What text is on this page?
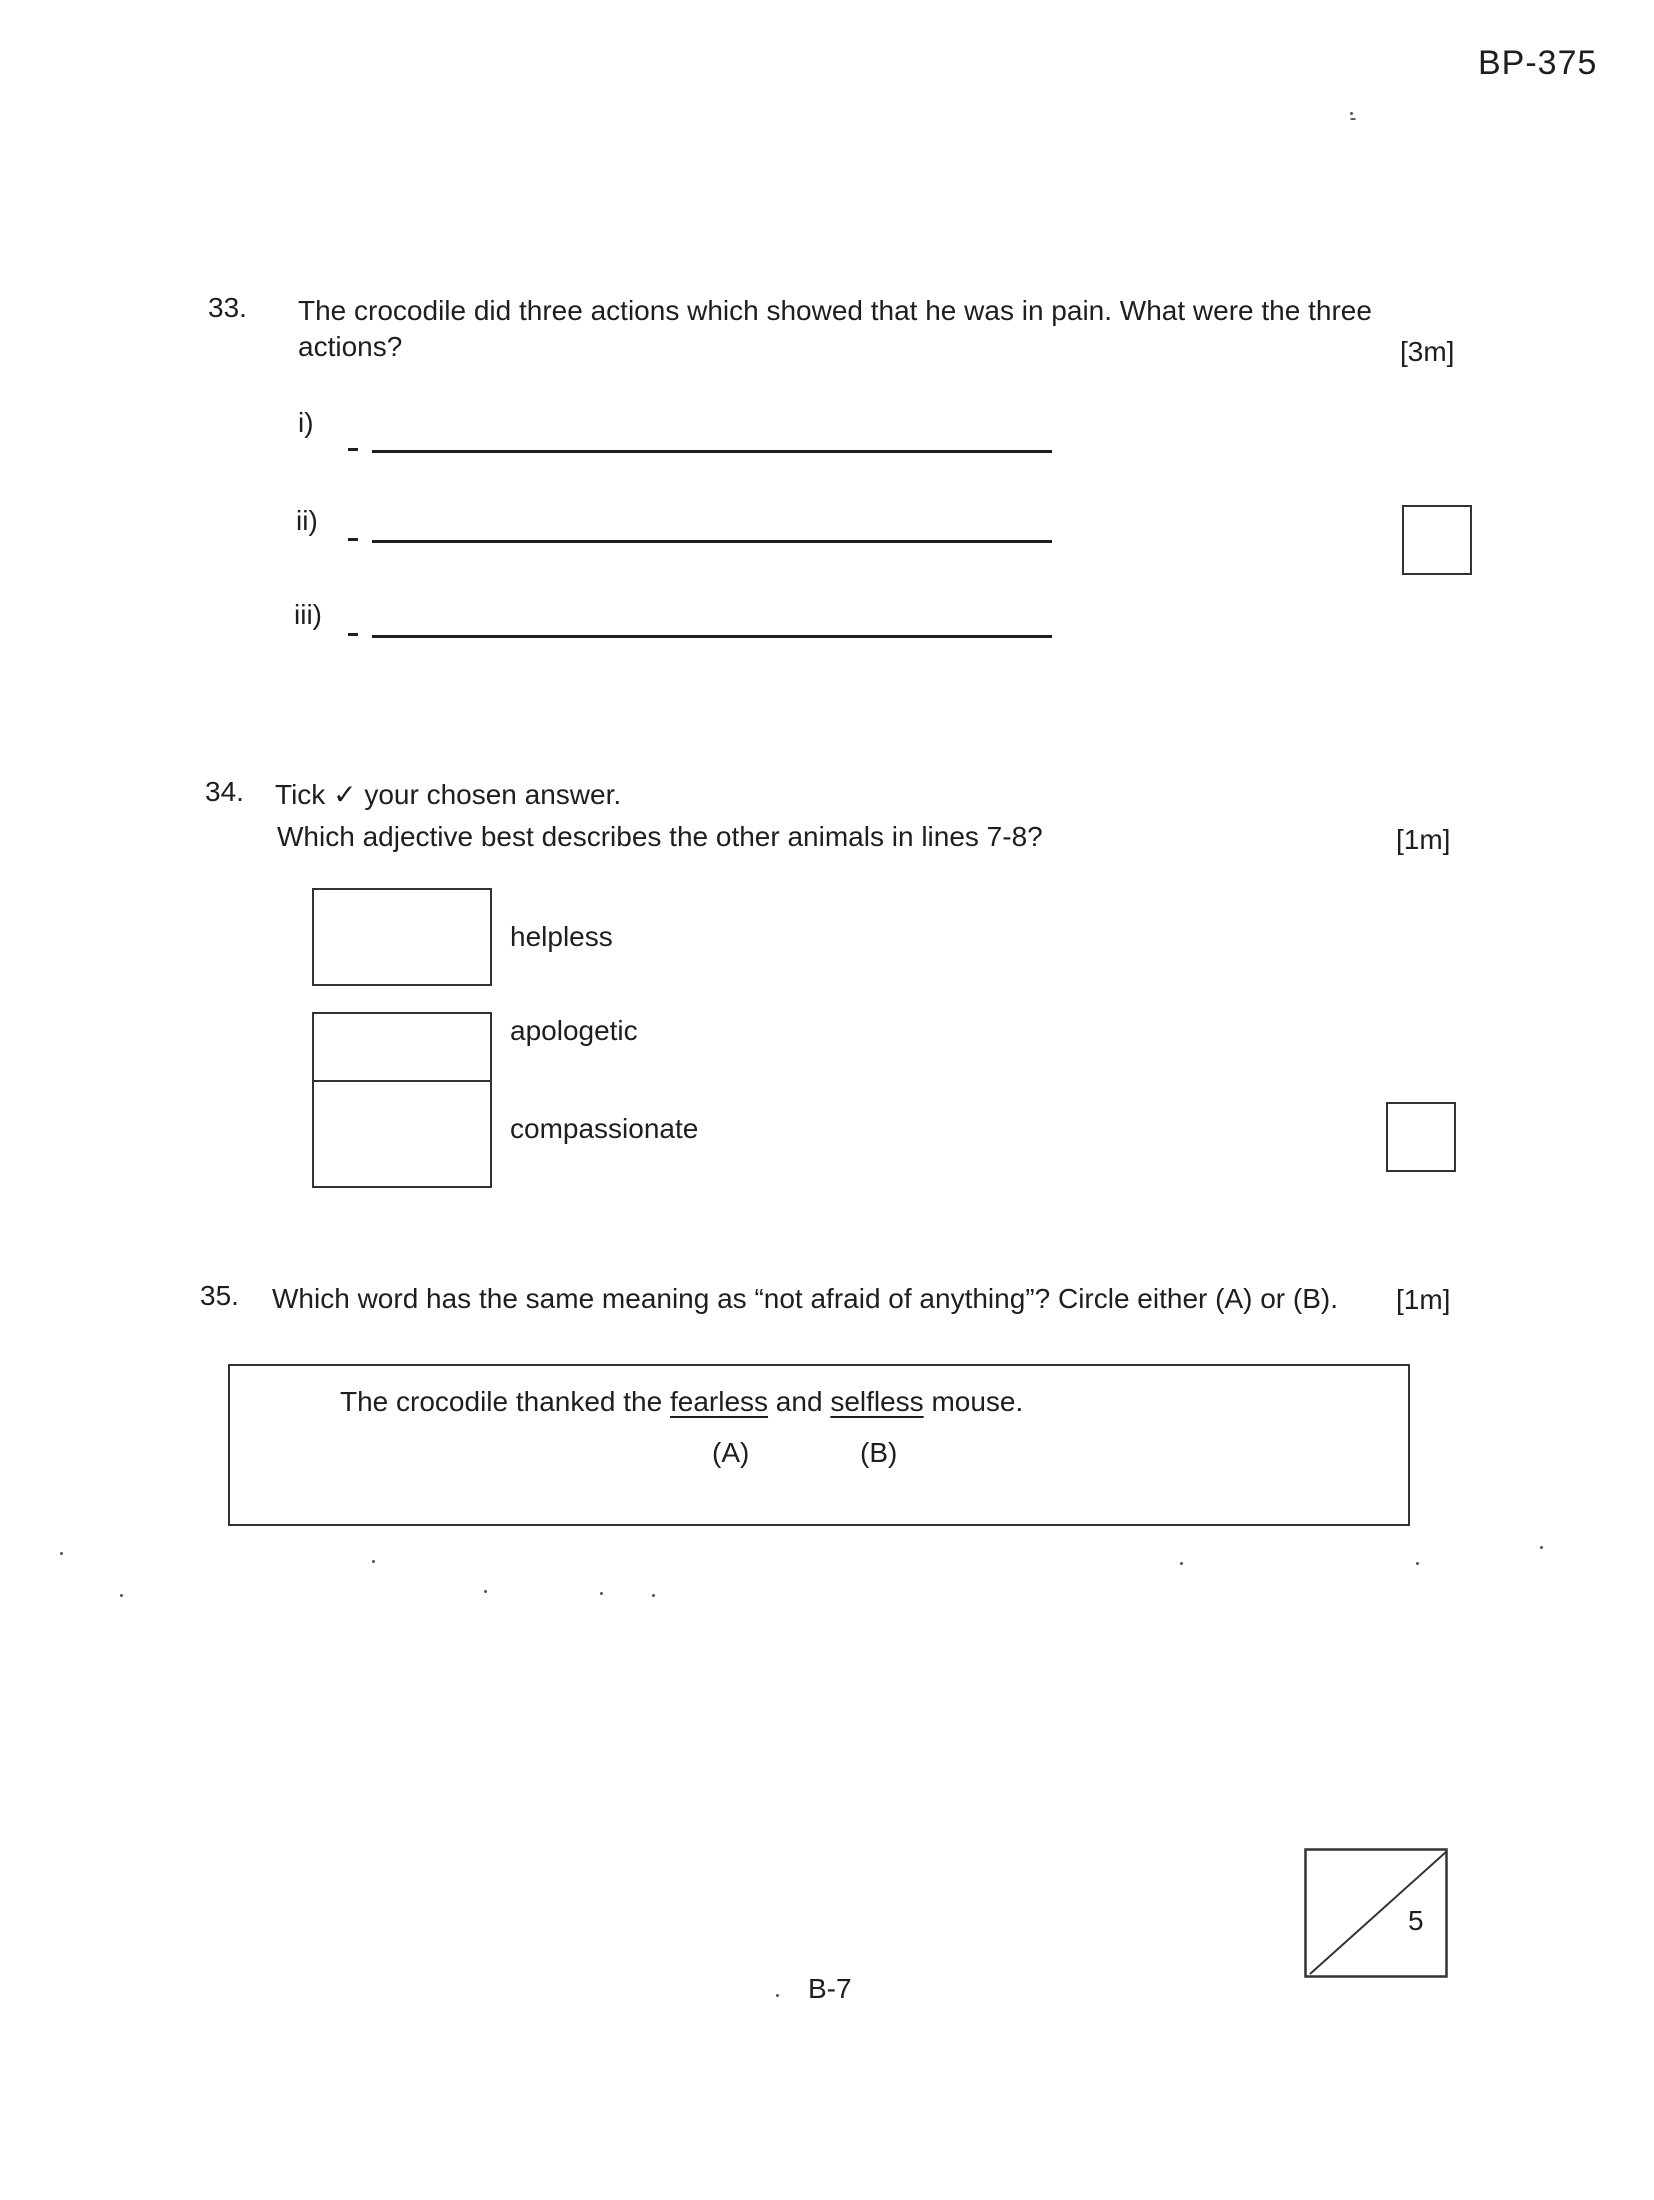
BP-375
33. The crocodile did three actions which showed that he was in pain. What were the three
actions?	[3m]
i)
ii)
iii)
34. Tick ✓ your chosen answer.
Which adjective best describes the other animals in lines 7-8?	[1m]
helpless
apologetic
compassionate
35. Which word has the same meaning as “not afraid of anything”? Circle either (A) or (B). [1m]
The crocodile thanked the fearless and selfless mouse.
(A)	(B)
5
B-7
